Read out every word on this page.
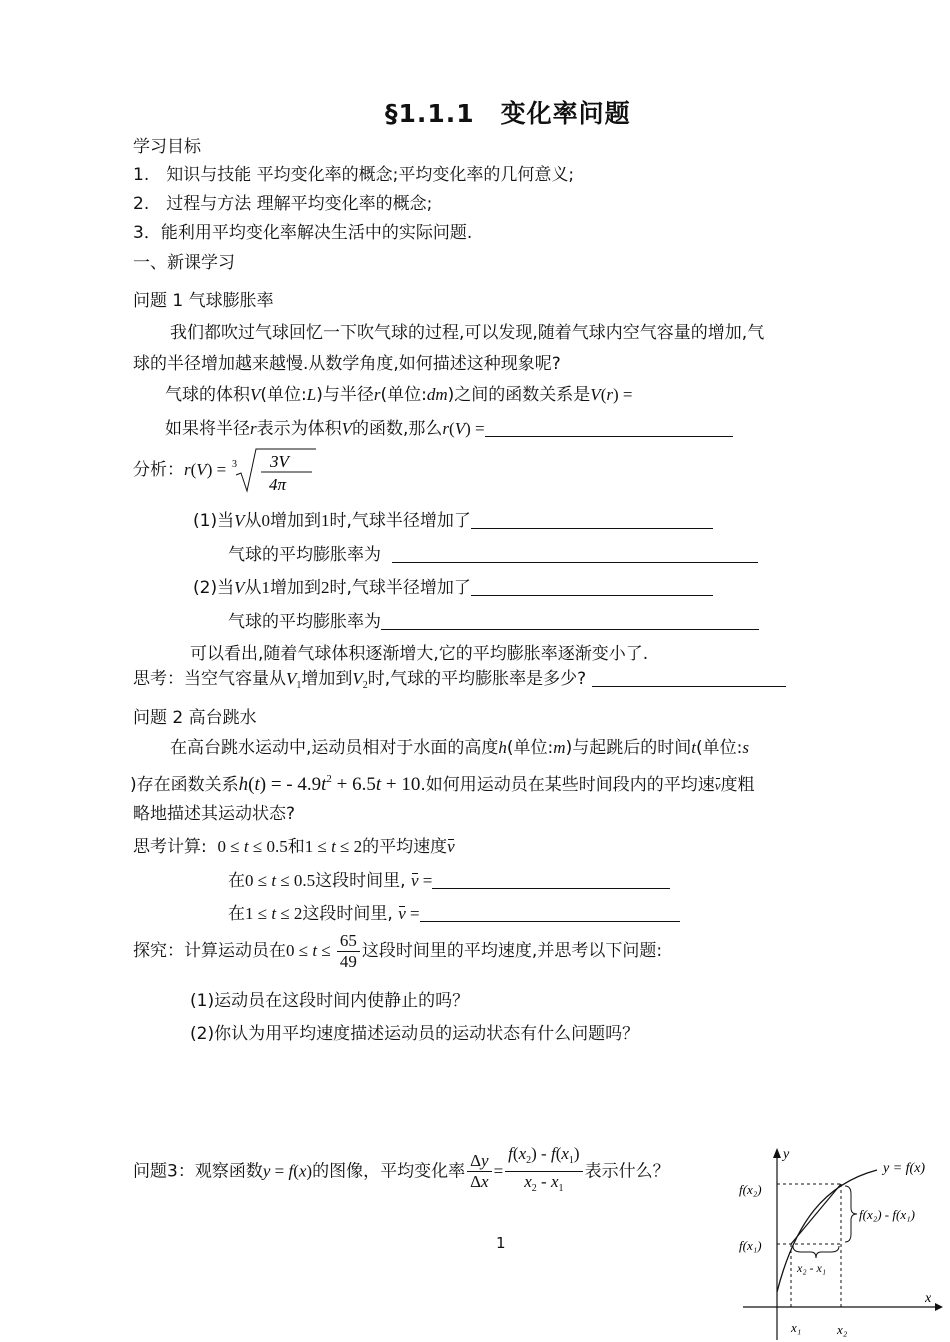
§1.1.1　变化率问题
学习目标
1.　知识与技能 平均变化率的概念;平均变化率的几何意义;
2.　过程与方法 理解平均变化率的概念;
3．能利用平均变化率解决生活中的实际问题.
一、新课学习
问题 1 气球膨胀率
我们都吹过气球回忆一下吹气球的过程,可以发现,随着气球内空气容量的增加,气
球的半径增加越来越慢.从数学角度,如何描述这种现象呢?
气球的体积V(单位:L)与半径r(单位:dm)之间的函数关系是V(r) =
如果将半径r表示为体积V的函数,那么r(V) =
分析：r(V) = 3 3V
4π
(1)当V从0增加到1时,气球半径增加了
气球的平均膨胀率为
(2)当V从1增加到2时,气球半径增加了
气球的平均膨胀率为
可以看出,随着气球体积逐渐增大,它的平均膨胀率逐渐变小了.
思考：当空气容量从$V_1$增加到$V_2$时,气球的平均膨胀率是多少?
问题 2 高台跳水
在高台跳水运动中,运动员相对于水面的高度h(单位:m)与起跳后的时间t(单位:s
)存在函数关系h(t) = - $4.9t^2 + 6.5t + 10$.如何用运动员在某些时间段内的平均速v度粗
略地描述其运动状态?
思考计算: 0 ≤ t ≤ 0.5和1 ≤ t ≤ 2的平均速度v
在0 ≤ t ≤ 0.5这段时间里, v =
在1 ≤ t ≤ 2这段时间里, v =
探究：计算运动员在$0 \le t \le \frac{65}{49}$ 这段时间里的平均速度,并思考以下问题:
(1)运动员在这段时间内使静止的吗？
(2)你认为用平均速度描述运动员的运动状态有什么问题吗？
问题3：观察函数y = f(x)的图像，平均变化率 $\frac{\Delta y}{\Delta x} = \frac{f(x_2) - f(x_1)}{x_2 - x_1}$ 表示什么？
1
y
x
y = f(x)
f(x₂)
f(x₁)
f(x₂) - f(x₁)
x₂ - x₁
x₁	x₂
